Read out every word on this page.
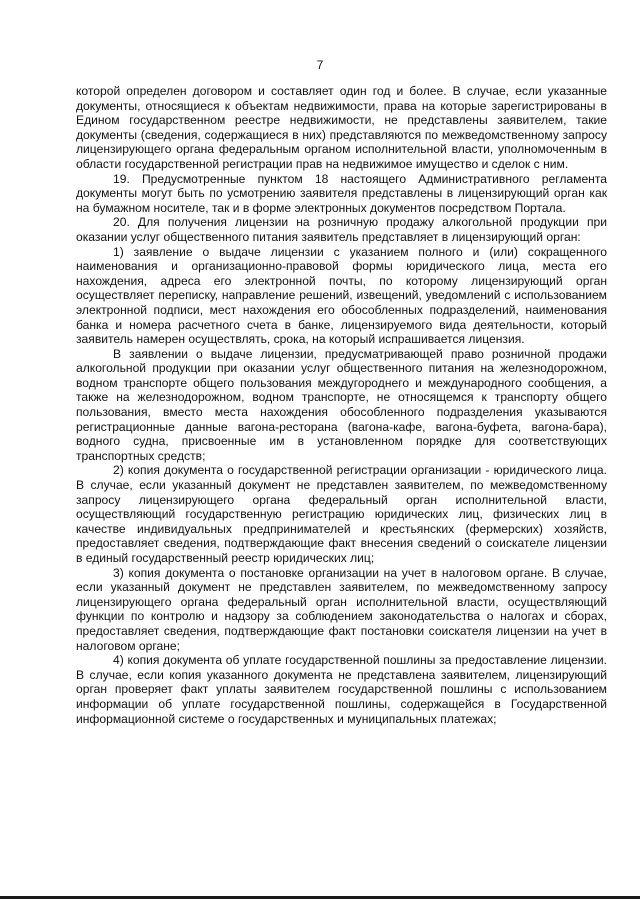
7

которой определен договором и составляет один год и более. В случае, если указанные документы, относящиеся к объектам недвижимости, права на которые зарегистрированы в Едином государственном реестре недвижимости, не представлены заявителем, такие документы (сведения, содержащиеся в них) представляются по межведомственному запросу лицензирующего органа федеральным органом исполнительной власти, уполномоченным в области государственной регистрации прав на недвижимое имущество и сделок с ним.

19. Предусмотренные пунктом 18 настоящего Административного регламента документы могут быть по усмотрению заявителя представлены в лицензирующий орган как на бумажном носителе, так и в форме электронных документов посредством Портала.

20. Для получения лицензии на розничную продажу алкогольной продукции при оказании услуг общественного питания заявитель представляет в лицензирующий орган:

1) заявление о выдаче лицензии с указанием полного и (или) сокращенного наименования и организационно-правовой формы юридического лица, места его нахождения, адреса его электронной почты, по которому лицензирующий орган осуществляет переписку, направление решений, извещений, уведомлений с использованием электронной подписи, мест нахождения его обособленных подразделений, наименования банка и номера расчетного счета в банке, лицензируемого вида деятельности, который заявитель намерен осуществлять, срока, на который испрашивается лицензия.

В заявлении о выдаче лицензии, предусматривающей право розничной продажи алкогольной продукции при оказании услуг общественного питания на железнодорожном, водном транспорте общего пользования междугороднего и международного сообщения, а также на железнодорожном, водном транспорте, не относящемся к транспорту общего пользования, вместо места нахождения обособленного подразделения указываются регистрационные данные вагона-ресторана (вагона-кафе, вагона-буфета, вагона-бара), водного судна, присвоенные им в установленном порядке для соответствующих транспортных средств;

2) копия документа о государственной регистрации организации - юридического лица. В случае, если указанный документ не представлен заявителем, по межведомственному запросу лицензирующего органа федеральный орган исполнительной власти, осуществляющий государственную регистрацию юридических лиц, физических лиц в качестве индивидуальных предпринимателей и крестьянских (фермерских) хозяйств, предоставляет сведения, подтверждающие факт внесения сведений о соискателе лицензии в единый государственный реестр юридических лиц;

3) копия документа о постановке организации на учет в налоговом органе. В случае, если указанный документ не представлен заявителем, по межведомственному запросу лицензирующего органа федеральный орган исполнительной власти, осуществляющий функции по контролю и надзору за соблюдением законодательства о налогах и сборах, предоставляет сведения, подтверждающие факт постановки соискателя лицензии на учет в налоговом органе;

4) копия документа об уплате государственной пошлины за предоставление лицензии. В случае, если копия указанного документа не представлена заявителем, лицензирующий орган проверяет факт уплаты заявителем государственной пошлины с использованием информации об уплате государственной пошлины, содержащейся в Государственной информационной системе о государственных и муниципальных платежах;
